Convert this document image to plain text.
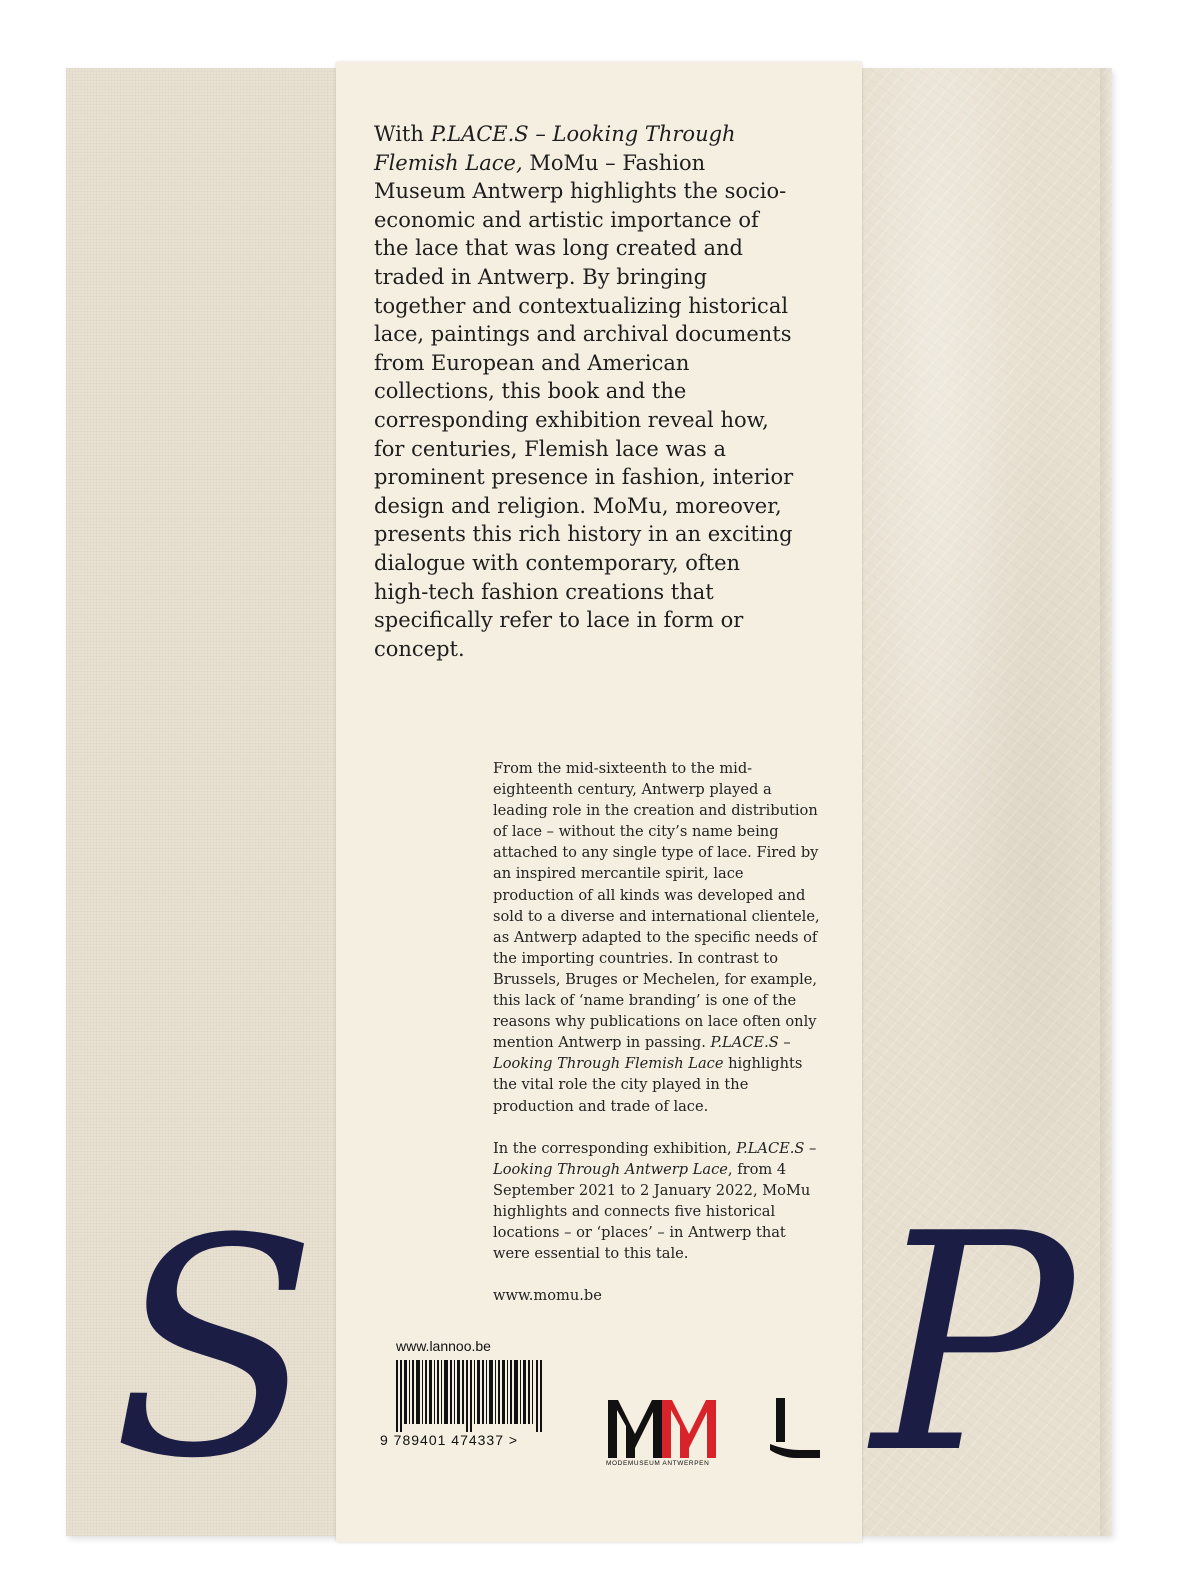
S P

With P.LACE.S – Looking Through Flemish Lace, MoMu – Fashion Museum Antwerp highlights the socio-economic and artistic importance of the lace that was long created and traded in Antwerp. By bringing together and contextualizing historical lace, paintings and archival documents from European and American collections, this book and the corresponding exhibition reveal how, for centuries, Flemish lace was a prominent presence in fashion, interior design and religion. MoMu, moreover, presents this rich history in an exciting dialogue with contemporary, often high-tech fashion creations that specifically refer to lace in form or concept.

From the mid-sixteenth to the mid-eighteenth century, Antwerp played a leading role in the creation and distribution of lace – without the city’s name being attached to any single type of lace. Fired by an inspired mercantile spirit, lace production of all kinds was developed and sold to a diverse and international clientele, as Antwerp adapted to the specific needs of the importing countries. In contrast to Brussels, Bruges or Mechelen, for example, this lack of ‘name branding’ is one of the reasons why publications on lace often only mention Antwerp in passing. P.LACE.S – Looking Through Flemish Lace highlights the vital role the city played in the production and trade of lace.

In the corresponding exhibition, P.LACE.S – Looking Through Antwerp Lace, from 4 September 2021 to 2 January 2022, MoMu highlights and connects five historical locations – or ‘places’ – in Antwerp that were essential to this tale.

www.momu.be

www.lannoo.be
9 789401 474337 >
MODEMUSEUM ANTWERPEN
